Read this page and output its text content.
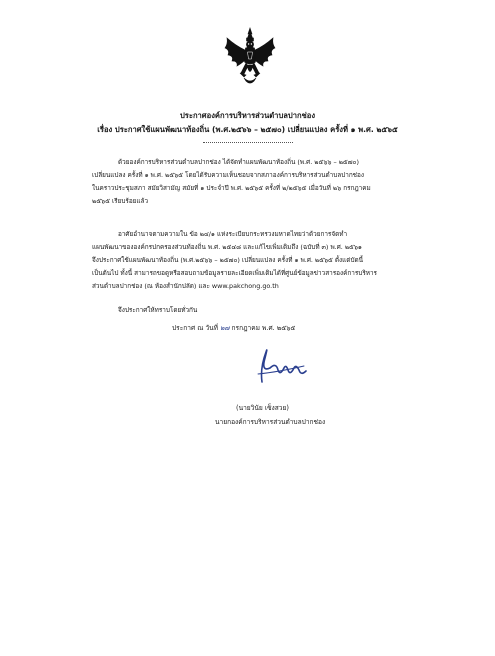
ประกาศองค์การบริหารส่วนตำบลปากช่อง
เรื่อง ประกาศใช้แผนพัฒนาท้องถิ่น (พ.ศ.๒๕๖๖ – ๒๕๗๐) เปลี่ยนแปลง ครั้งที่ ๑ พ.ศ. ๒๕๖๕
ด้วยองค์การบริหารส่วนตำบลปากช่อง ได้จัดทำแผนพัฒนาท้องถิ่น (พ.ศ. ๒๕๖๖ – ๒๕๗๐)
เปลี่ยนแปลง ครั้งที่ ๑ พ.ศ. ๒๕๖๕ โดยได้รับความเห็นชอบจากสภาองค์การบริหารส่วนตำบลปากช่อง
ในคราวประชุมสภา สมัยวิสามัญ สมัยที่ ๑ ประจำปี พ.ศ. ๒๕๖๕ ครั้งที่ ๒/๒๕๖๕ เมื่อวันที่ ๒๖ กรกฎาคม
๒๕๖๕ เรียบร้อยแล้ว
อาศัยอำนาจตามความใน ข้อ ๒๔/๑ แห่งระเบียบกระทรวงมหาดไทยว่าด้วยการจัดทำ
แผนพัฒนาขององค์กรปกครองส่วนท้องถิ่น พ.ศ. ๒๕๔๘ และแก้ไขเพิ่มเติมถึง (ฉบับที่ ๓) พ.ศ. ๒๕๖๑
จึงประกาศใช้แผนพัฒนาท้องถิ่น (พ.ศ.๒๕๖๖ – ๒๕๗๐) เปลี่ยนแปลง ครั้งที่ ๑ พ.ศ. ๒๕๖๕ ตั้งแต่บัดนี้
เป็นต้นไป ทั้งนี้ สามารถขอดูหรือสอบถามข้อมูลรายละเอียดเพิ่มเติมได้ที่ศูนย์ข้อมูลข่าวสารองค์การบริหาร
ส่วนตำบลปากช่อง (ณ ห้องสำนักปลัด) และ www.pakchong.go.th
จึงประกาศให้ทราบโดยทั่วกัน
ประกาศ ณ วันที่ ๒๗ กรกฎาคม พ.ศ. ๒๕๖๕
(นายวินัย เซ็งสวย)
นายกองค์การบริหารส่วนตำบลปากช่อง
